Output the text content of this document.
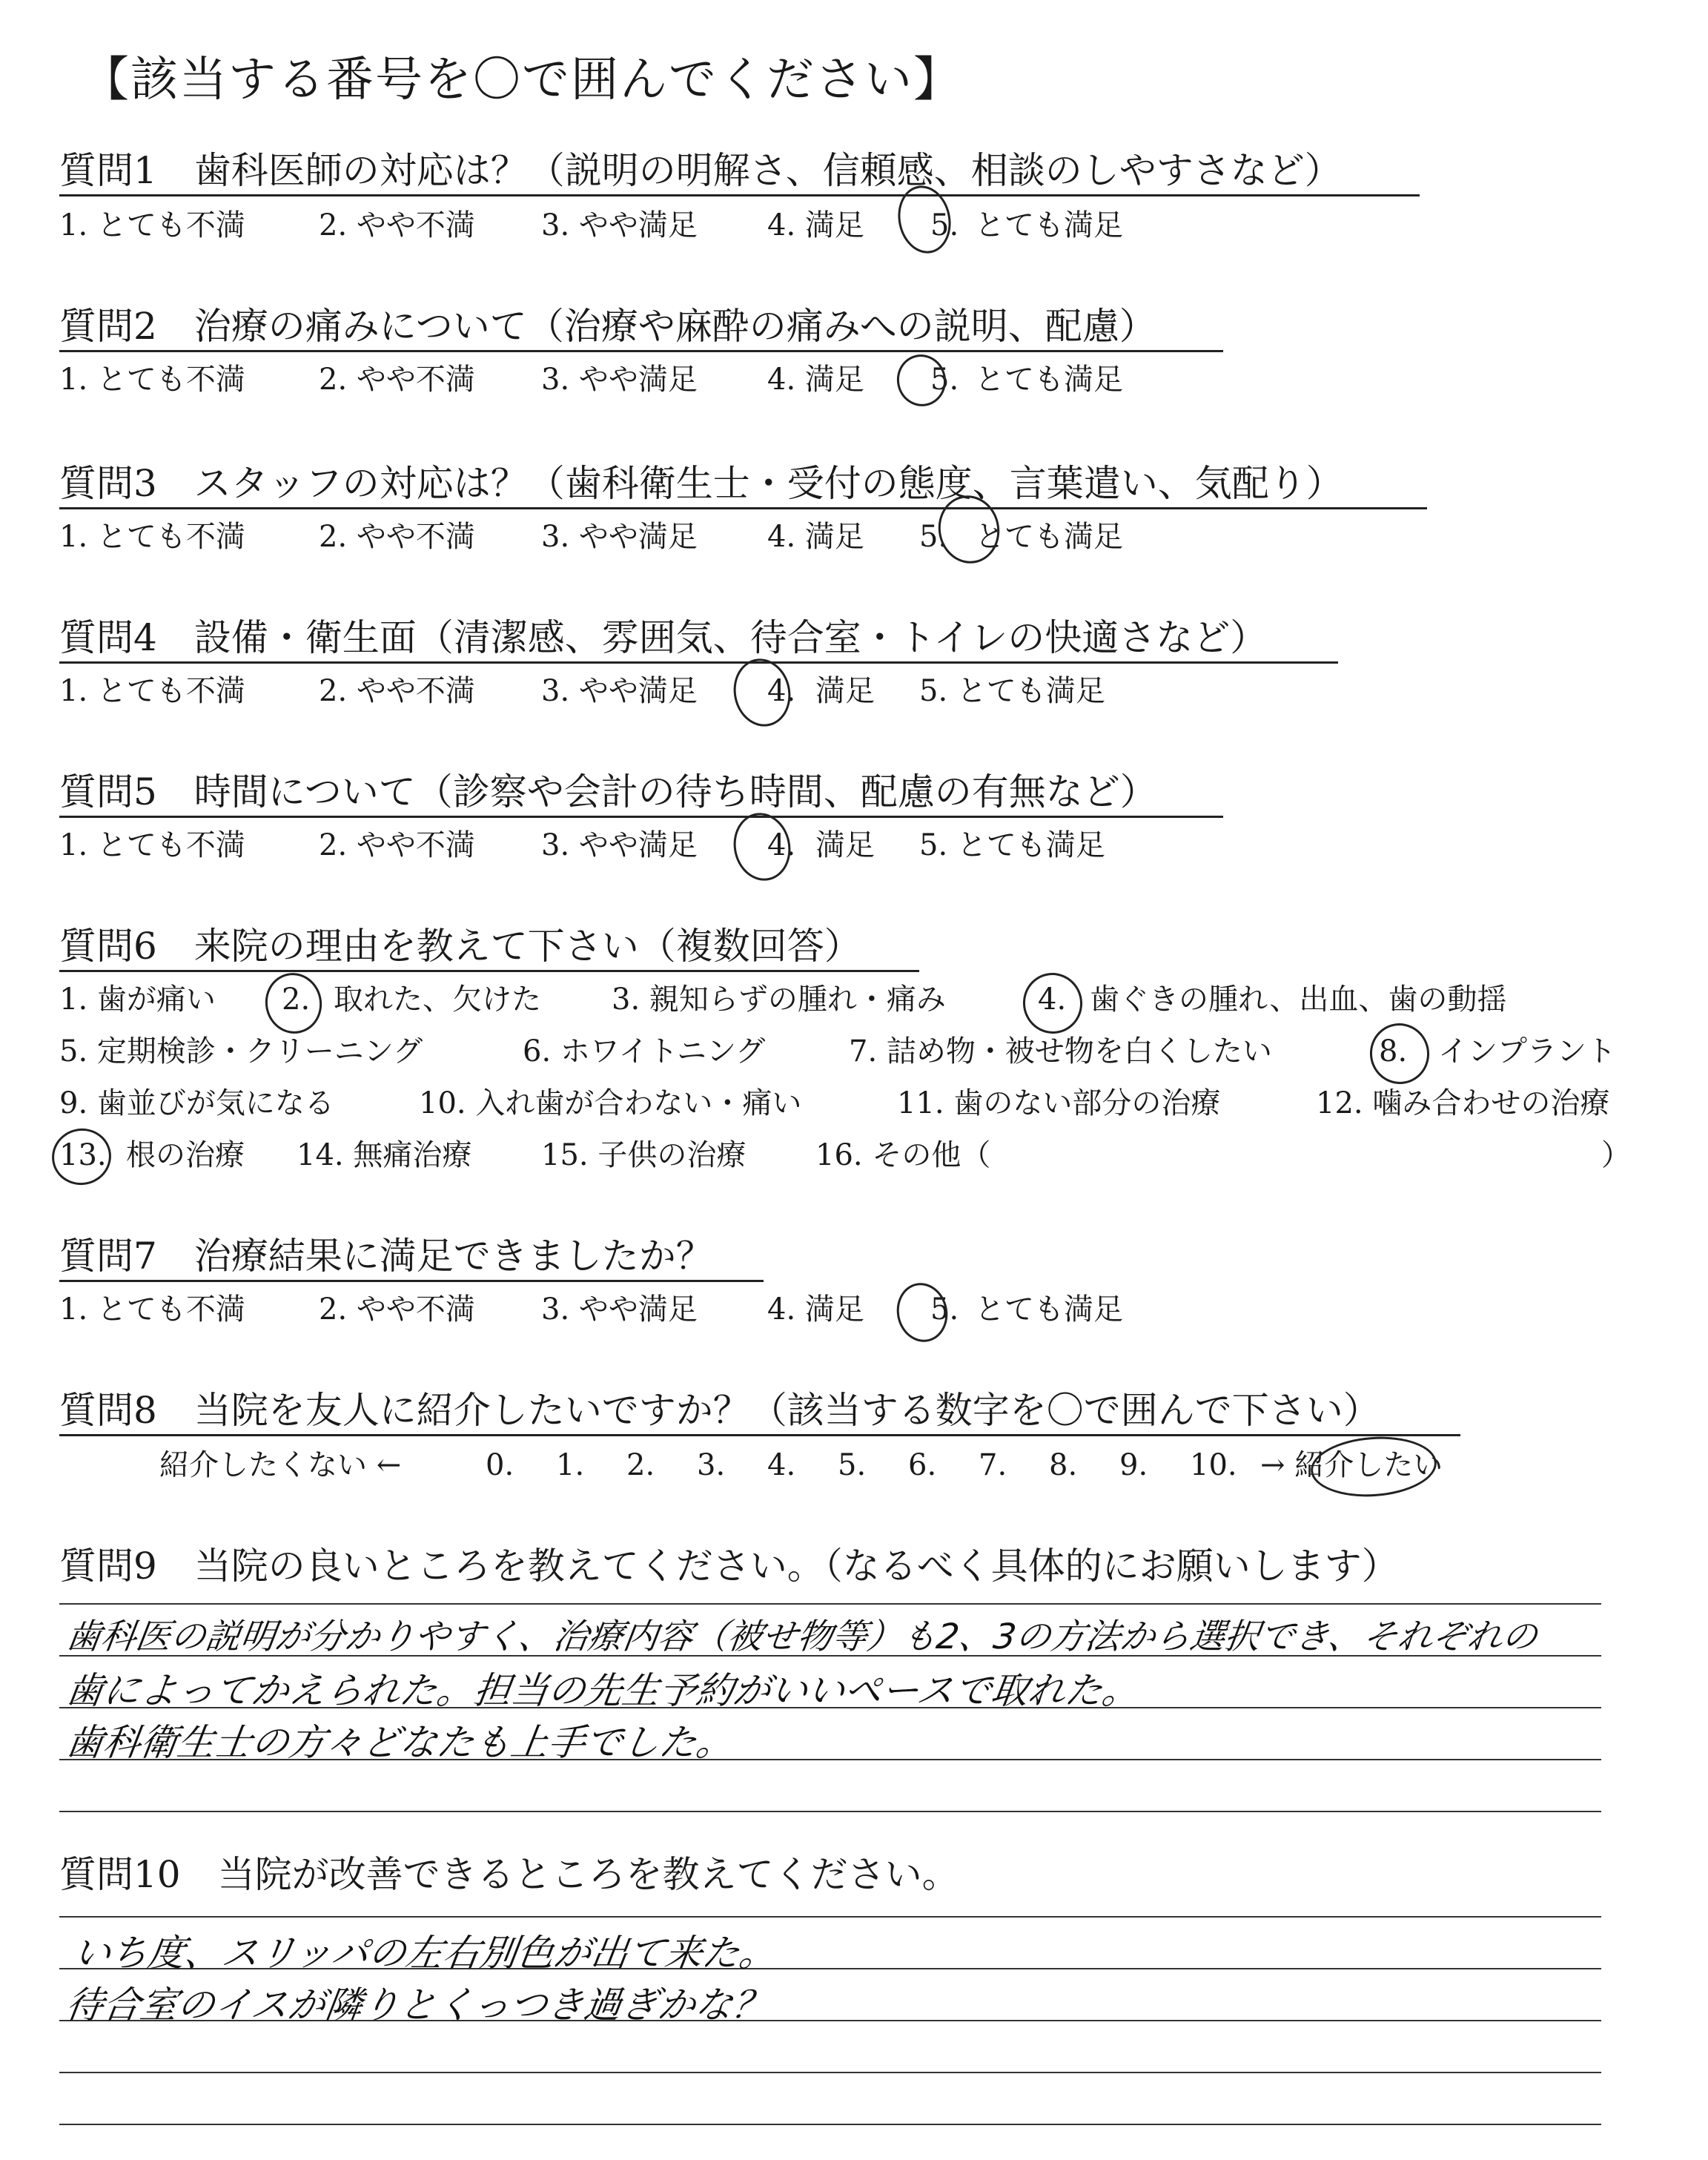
【該当する番号を〇で囲んでください】
質問1　歯科医師の対応は？（説明の明解さ、信頼感、相談のしやすさなど）
1. とても不満 2. やや不満 3. やや満足 4. 満足 5. とても満足
質問2　治療の痛みについて（治療や麻酔の痛みへの説明、配慮）
1. とても不満 2. やや不満 3. やや満足 4. 満足 5. とても満足
質問3　スタッフの対応は？（歯科衛生士・受付の態度、言葉遣い、気配り）
1. とても不満 2. やや不満 3. やや満足 4. 満足 5. とても満足
質問4　設備・衛生面（清潔感、雰囲気、待合室・トイレの快適さなど）
1. とても不満 2. やや不満 3. やや満足 4. 満足 5. とても満足
質問5　時間について（診察や会計の待ち時間、配慮の有無など）
1. とても不満 2. やや不満 3. やや満足 4. 満足 5. とても満足
質問6　来院の理由を教えて下さい（複数回答）
1. 歯が痛い 2. 取れた、欠けた 3. 親知らずの腫れ・痛み	4. 歯ぐきの腫れ、出血、歯の動揺
5. 定期検診・クリーニング	6. ホワイトニング	7. 詰め物・被せ物を白くしたい	8. インプラント
9. 歯並びが気になる	10. 入れ歯が合わない・痛い	11. 歯のない部分の治療	12. 噛み合わせの治療
13. 根の治療 14. 無痛治療 15. 子供の治療 16. その他（	）
質問7　治療結果に満足できましたか？
1. とても不満 2. やや不満 3. やや満足 4. 満足 5. とても満足
質問8　当院を友人に紹介したいですか？（該当する数字を〇で囲んで下さい）
紹介したくない ←	0. 1. 2. 3. 4. 5. 6. 7. 8. 9. 10. → 紹介したい
質問9　当院の良いところを教えてください。（なるべく具体的にお願いします）
歯科医の説明が分かりやすく、治療内容（被せ物等）も2、3の方法から選択でき、それぞれの
歯によってかえられた。担当の先生予約がいいペースで取れた。
歯科衛生士の方々どなたも上手でした。
質問10　当院が改善できるところを教えてください。
いち度、スリッパの左右別色が出て来た。
待合室のイスが隣りとくっつき過ぎかな？
